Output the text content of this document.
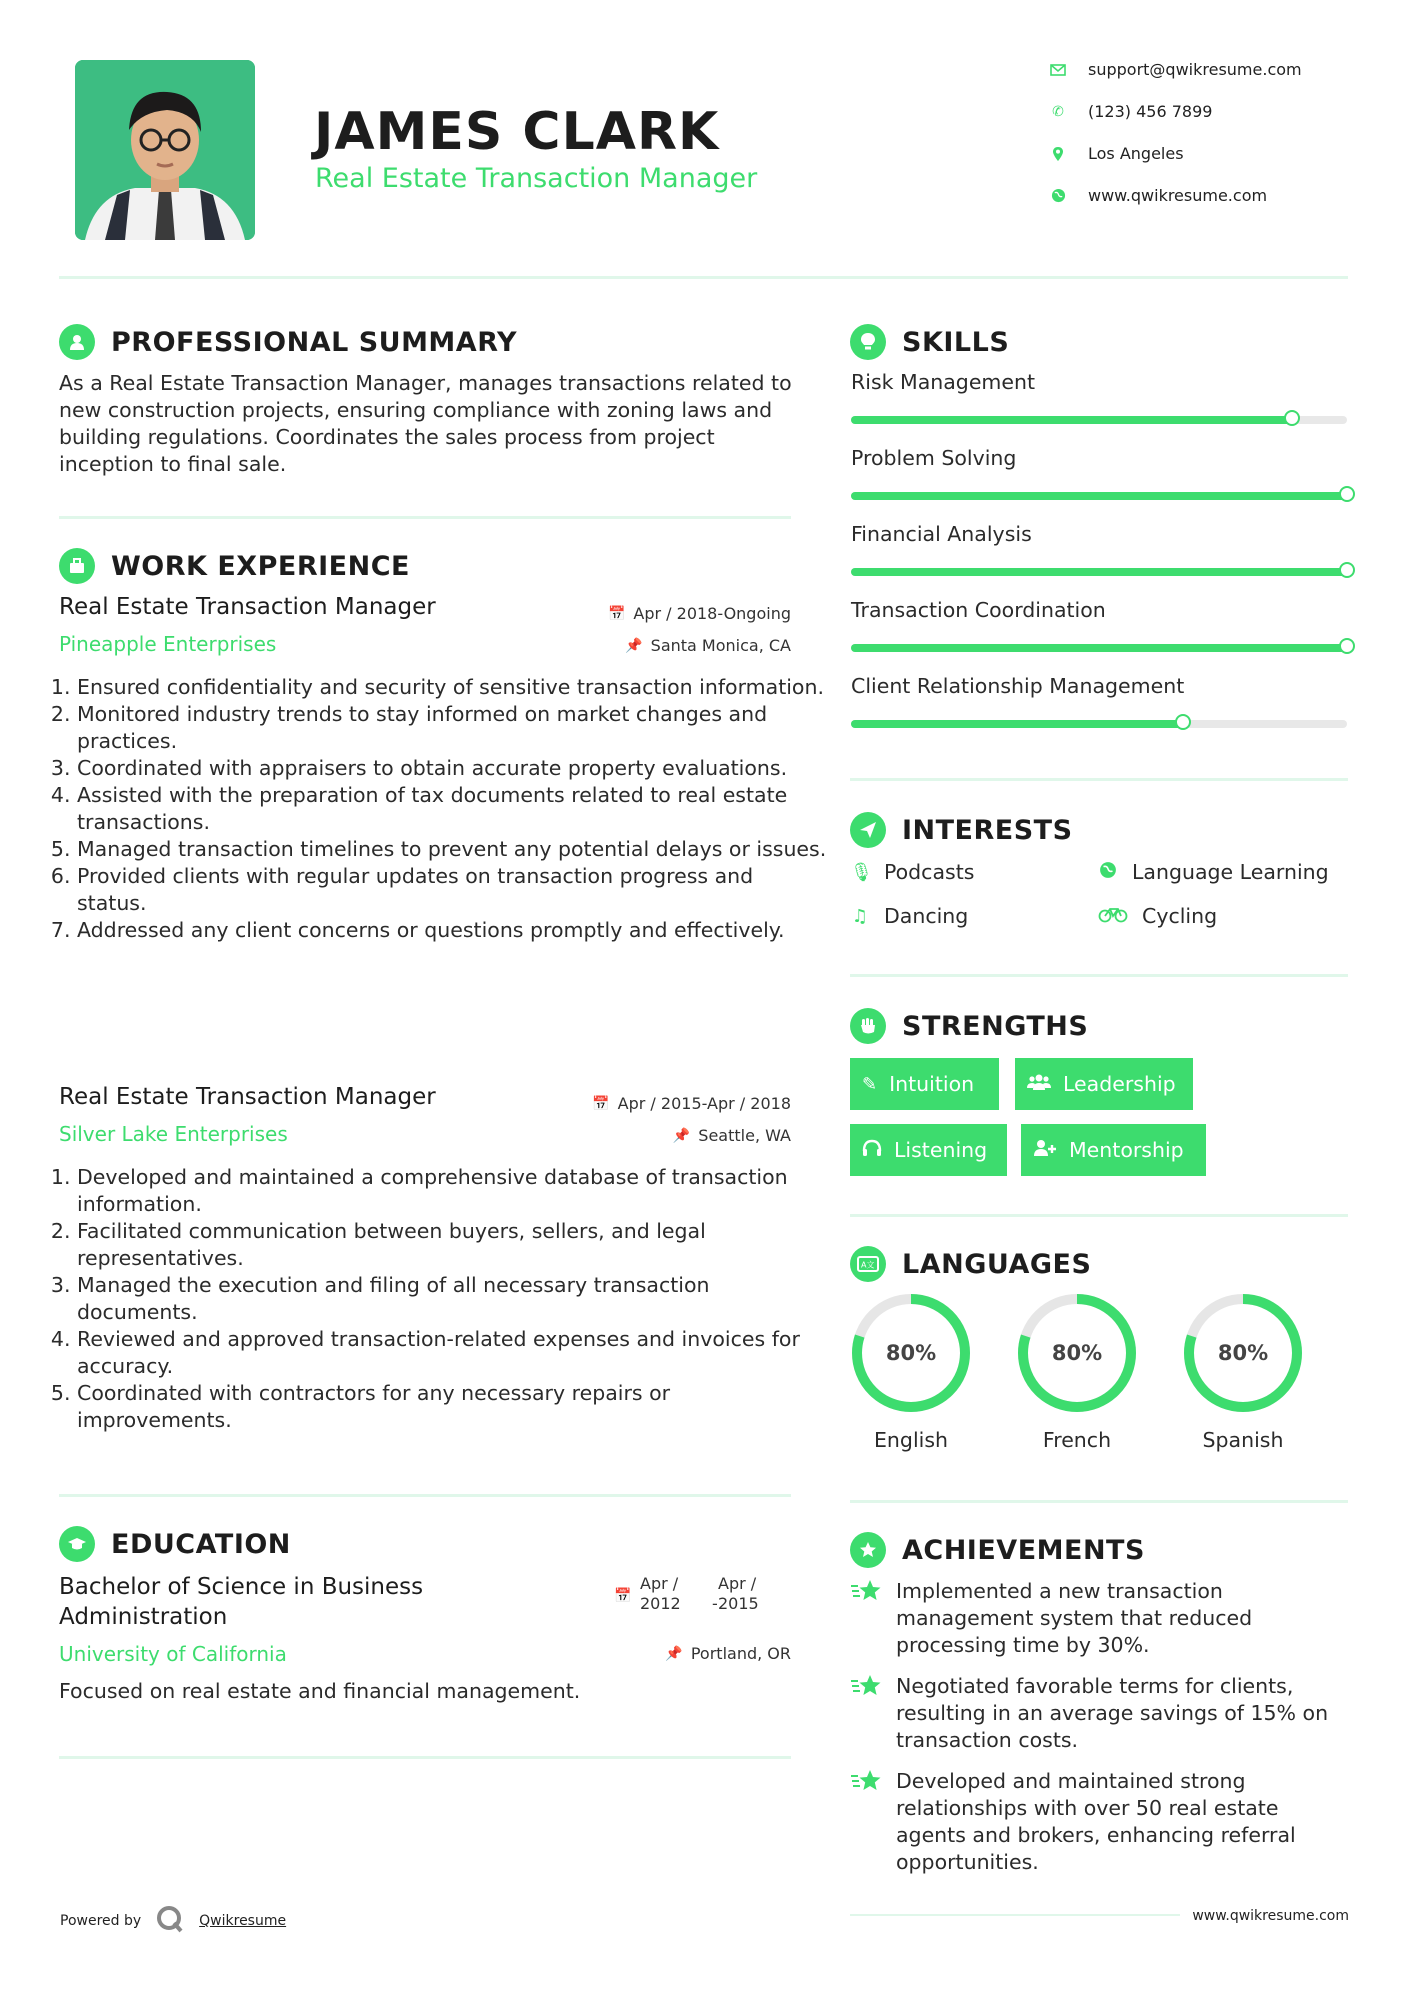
JAMES CLARK
Real Estate Transaction Manager
support@qwikresume.com
✆ (123) 456 7899
Los Angeles
www.qwikresume.com
PROFESSIONAL SUMMARY
As a Real Estate Transaction Manager, manages transactions related to new construction projects, ensuring compliance with zoning laws and building regulations. Coordinates the sales process from project inception to final sale.
WORK EXPERIENCE
Real Estate Transaction Manager	📅 Apr / 2018-Ongoing
Pineapple Enterprises	📌 Santa Monica, CA
1. Ensured confidentiality and security of sensitive transaction information.
2. Monitored industry trends to stay informed on market changes and practices.
3. Coordinated with appraisers to obtain accurate property evaluations.
4. Assisted with the preparation of tax documents related to real estate transactions.
5. Managed transaction timelines to prevent any potential delays or issues.
6. Provided clients with regular updates on transaction progress and status.
7. Addressed any client concerns or questions promptly and effectively.
Real Estate Transaction Manager	📅 Apr / 2015-Apr / 2018
Silver Lake Enterprises	📌 Seattle, WA
1. Developed and maintained a comprehensive database of transaction information.
2. Facilitated communication between buyers, sellers, and legal representatives.
3. Managed the execution and filing of all necessary transaction documents.
4. Reviewed and approved transaction-related expenses and invoices for accuracy.
5. Coordinated with contractors for any necessary repairs or improvements.
EDUCATION
Bachelor of Science in Business
Administration
📅
Apr /
2012	-
Apr /
2015
University of California	📌 Portland, OR
Focused on real estate and financial management.
SKILLS
Risk Management
Problem Solving
Financial Analysis
Transaction Coordination
Client Relationship Management
INTERESTS
🎙 Podcasts	Language Learning
♫ Dancing	Cycling
STRENGTHS
✎ Intuition	Leadership
Listening	Mentorship
A文 LANGUAGES
80%
English
80%
French
80%
Spanish
ACHIEVEMENTS
Implemented a new transaction management system that reduced processing time by 30%.
Negotiated favorable terms for clients, resulting in an average savings of 15% on transaction costs.
Developed and maintained strong relationships with over 50 real estate agents and brokers, enhancing referral opportunities.
Powered by	Qwikresume	www.qwikresume.com
